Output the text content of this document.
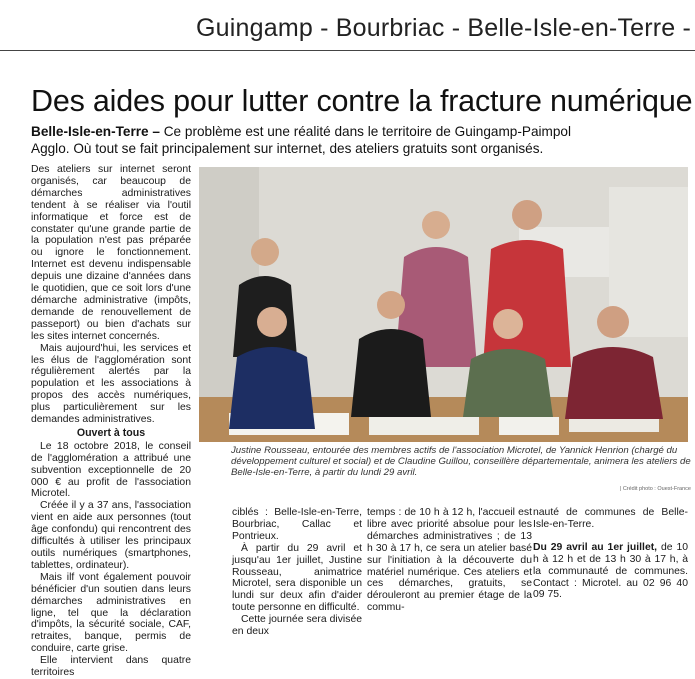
Guingamp - Bourbriac - Belle-Isle-en-Terre -
Des aides pour lutter contre la fracture numérique
Belle-Isle-en-Terre – Ce problème est une réalité dans le territoire de Guingamp-Paimpol Agglo. Où tout se fait principalement sur internet, des ateliers gratuits sont organisés.

Des ateliers sur internet seront organisés, car beaucoup de démarches administratives tendent à se réaliser via l'outil informatique et force est de constater qu'une grande partie de la population n'est pas préparée ou ignore le fonctionnement. Internet est devenu indispensable depuis une dizaine d'années dans le quotidien, que ce soit lors d'une démarche administrative (impôts, demande de renouvellement de passeport) ou bien d'achats sur les sites internet concernés.

Mais aujourd'hui, les services et les élus de l'agglomération sont régulièrement alertés par la population et les associations à propos des accès numériques, plus particulièrement sur les demandes administratives.

Ouvert à tous

Le 18 octobre 2018, le conseil de l'agglomération a attribué une subvention exceptionnelle de 20 000 € au profit de l'association Microtel.

Créée il y a 37 ans, l'association vient en aide aux personnes (tout âge confondu) qui rencontrent des difficultés à utiliser les principaux outils numériques (smartphones, tablettes, ordinateur).

Mais ilf vont également pouvoir bénéficier d'un soutien dans leurs démarches administratives en ligne, tel que la déclaration d'impôts, la sécurité sociale, CAF, retraites, banque, permis de conduire, carte grise.

Elle intervient dans quatre territoires

Justine Rousseau, entourée des membres actifs de l'association Microtel, de Yannick Henrion (chargé du développement culturel et social) et de Claudine Guillou, conseillère départementale, animera les ateliers de Belle-Isle-en-Terre, à partir du lundi 29 avril.
| Crédit photo : Ouest-France

ciblés : Belle-Isle-en-Terre, Bourbriac, Callac et Pontrieux.

À partir du 29 avril et jusqu'au 1er juillet, Justine Rousseau, animatrice Microtel, sera disponible un lundi sur deux afin d'aider toute personne en difficulté.

Cette journée sera divisée en deux

temps : de 10 h à 12 h, l'accueil est libre avec priorité absolue pour les démarches administratives ; de 13 h 30 à 17 h, ce sera un atelier basé sur l'initiation à la découverte du matériel numérique. Ces ateliers et ces démarches, gratuits, se dérouleront au premier étage de la commu-

nauté de communes de Belle-Isle-en-Terre.

Du 29 avril au 1er juillet, de 10 h à 12 h et de 13 h 30 à 17 h, à la communauté de communes. Contact : Microtel. au 02 96 40 09 75.
